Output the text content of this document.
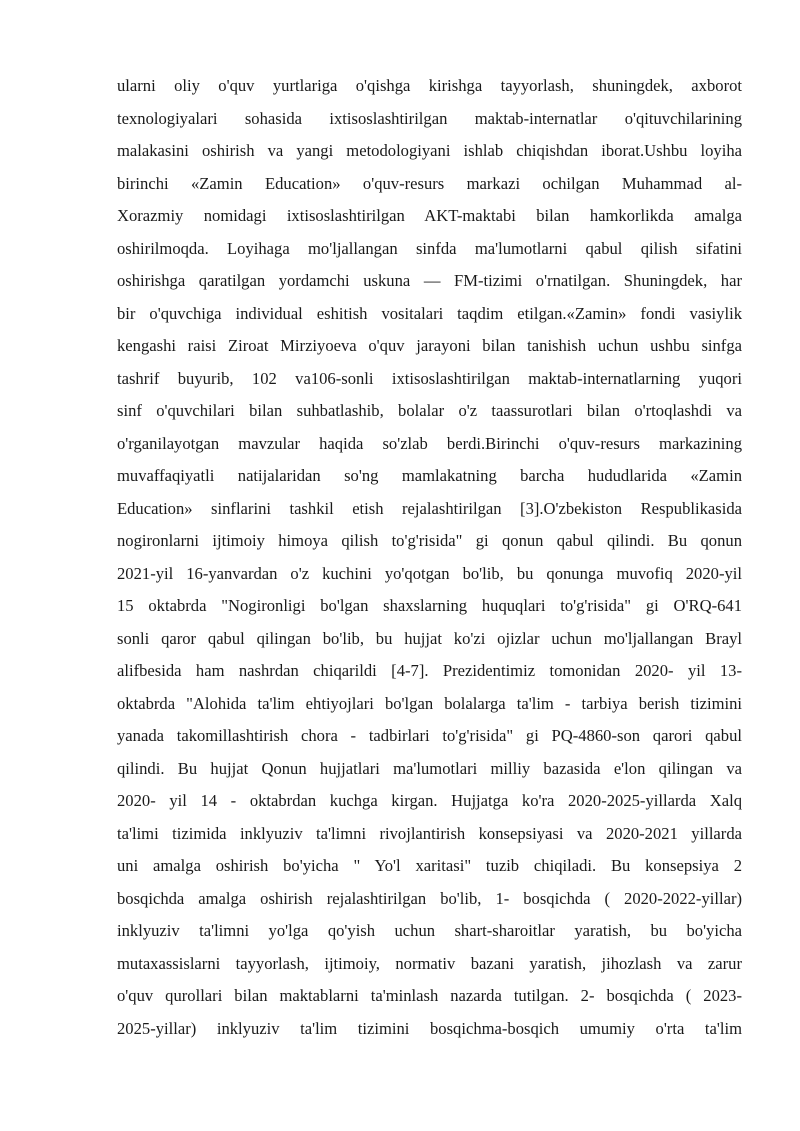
ularni oliy o'quv yurtlariga o'qishga kirishga tayyorlash, shuningdek, axborot
texnologiyalari sohasida ixtisoslashtirilgan maktab-internatlar o'qituvchilarining
malakasini oshirish va yangi metodologiyani ishlab chiqishdan iborat.Ushbu loyiha
birinchi «Zamin Education» o'quv-resurs markazi ochilgan Muhammad al-
Xorazmiy nomidagi ixtisoslashtirilgan AKT-maktabi bilan hamkorlikda amalga
oshirilmoqda. Loyihaga mo'ljallangan sinfda ma'lumotlarni qabul qilish sifatini
oshirishga qaratilgan yordamchi uskuna — FM-tizimi o'rnatilgan. Shuningdek, har
bir o'quvchiga individual eshitish vositalari taqdim etilgan.«Zamin» fondi vasiylik
kengashi raisi Ziroat Mirziyoeva o'quv jarayoni bilan tanishish uchun ushbu sinfga
tashrif buyurib, 102 va106-sonli ixtisoslashtirilgan maktab-internatlarning yuqori
sinf o'quvchilari bilan suhbatlashib, bolalar o'z taassurotlari bilan o'rtoqlashdi va
o'rganilayotgan mavzular haqida so'zlab berdi.Birinchi o'quv-resurs markazining
muvaffaqiyatli natijalaridan so'ng mamlakatning barcha hududlarida «Zamin
Education» sinflarini tashkil etish rejalashtirilgan [3].O'zbekiston Respublikasida
nogironlarni ijtimoiy himoya qilish to'g'risida" gi qonun qabul qilindi. Bu qonun
2021-yil 16-yanvardan o'z kuchini yo'qotgan bo'lib, bu qonunga muvofiq 2020-yil
15 oktabrda "Nogironligi bo'lgan shaxslarning huquqlari to'g'risida" gi O'RQ-641
sonli qaror qabul qilingan bo'lib, bu hujjat ko'zi ojizlar uchun mo'ljallangan Brayl
alifbesida ham nashrdan chiqarildi [4-7]. Prezidentimiz tomonidan 2020- yil 13-
oktabrda "Alohida ta'lim ehtiyojlari bo'lgan bolalarga ta'lim - tarbiya berish tizimini
yanada takomillashtirish chora - tadbirlari to'g'risida" gi PQ-4860-son qarori qabul
qilindi. Bu hujjat Qonun hujjatlari ma'lumotlari milliy bazasida e'lon qilingan va
2020- yil 14 - oktabrdan kuchga kirgan. Hujjatga ko'ra 2020-2025-yillarda Xalq
ta'limi tizimida inklyuziv ta'limni rivojlantirish konsepsiyasi va 2020-2021 yillarda
uni amalga oshirish bo'yicha " Yo'l xaritasi" tuzib chiqiladi. Bu konsepsiya 2
bosqichda amalga oshirish rejalashtirilgan bo'lib, 1- bosqichda ( 2020-2022-yillar)
inklyuziv ta'limni yo'lga qo'yish uchun shart-sharoitlar yaratish, bu bo'yicha
mutaxassislarni tayyorlash, ijtimoiy, normativ bazani yaratish, jihozlash va zarur
o'quv qurollari bilan maktablarni ta'minlash nazarda tutilgan. 2- bosqichda ( 2023-
2025-yillar) inklyuziv ta'lim tizimini bosqichma-bosqich umumiy o'rta ta'lim
